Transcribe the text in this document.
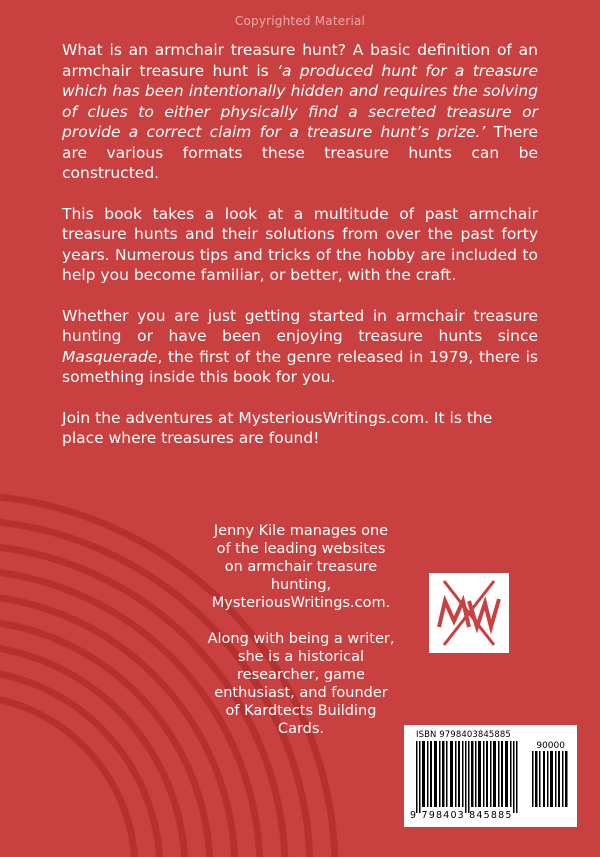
Copyrighted Material

What is an armchair treasure hunt? A basic definition of an armchair treasure hunt is ‘a produced hunt for a treasure which has been intentionally hidden and requires the solving of clues to either physically find a secreted treasure or provide a correct claim for a treasure hunt’s prize.’ There are various formats these treasure hunts can be constructed.

This book takes a look at a multitude of past armchair treasure hunts and their solutions from over the past forty years. Numerous tips and tricks of the hobby are included to help you become familiar, or better, with the craft.

Whether you are just getting started in armchair treasure hunting or have been enjoying treasure hunts since Masquerade, the first of the genre released in 1979, there is something inside this book for you.

Join the adventures at MysteriousWritings.com. It is the place where treasures are found!

Jenny Kile manages one of the leading websites on armchair treasure hunting, MysteriousWritings.com.

Along with being a writer, she is a historical researcher, game enthusiast, and founder of Kardtects Building Cards.	ISBN 9798403845885
90000
9 798403 845885
